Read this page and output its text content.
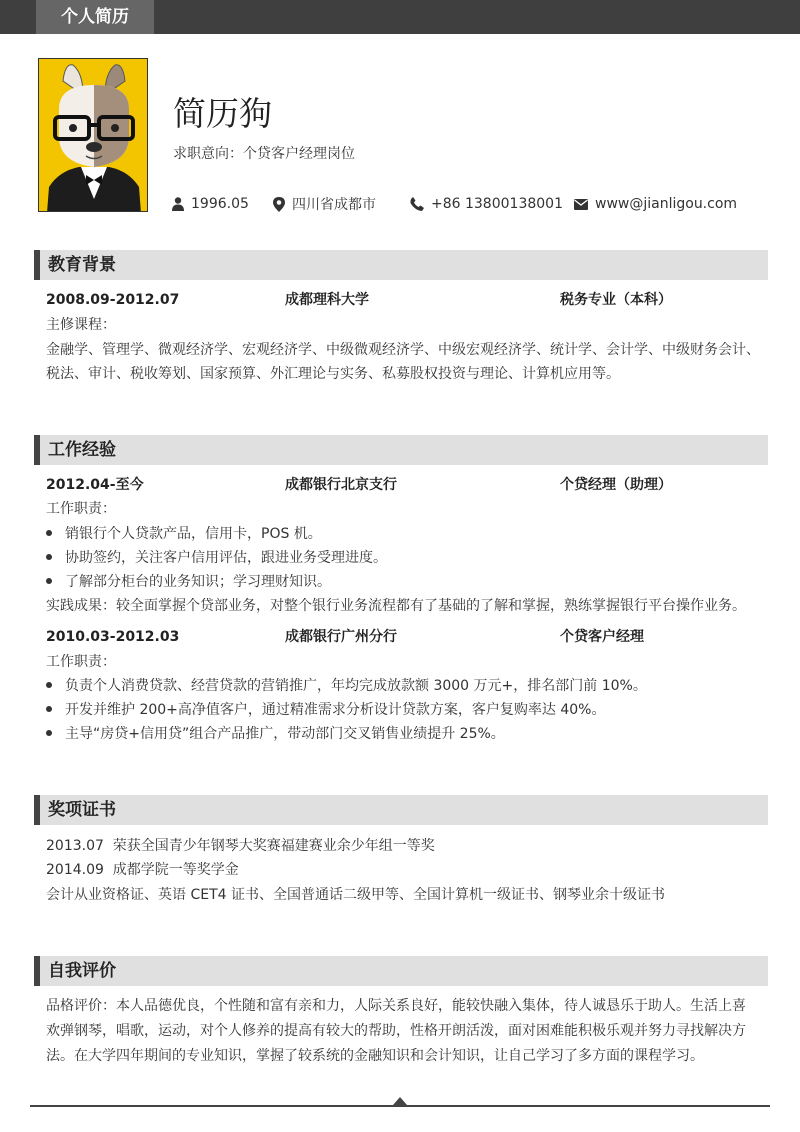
个人简历
简历狗
求职意向：个贷客户经理岗位
1996.05	四川省成都市	+86 13800138001 www@jianligou.com
教育背景
2008.09-2012.07	成都理科大学	税务专业（本科）
主修课程：
金融学、管理学、微观经济学、宏观经济学、中级微观经济学、中级宏观经济学、统计学、会计学、中级财务会计、
税法、审计、税收筹划、国家预算、外汇理论与实务、私募股权投资与理论、计算机应用等。
工作经验
2012.04-至今	成都银行北京支行	个贷经理（助理）
工作职责：
销银行个人贷款产品，信用卡，POS 机。
协助签约，关注客户信用评估，跟进业务受理进度。
了解部分柜台的业务知识；学习理财知识。
实践成果：较全面掌握个贷部业务，对整个银行业务流程都有了基础的了解和掌握，熟练掌握银行平台操作业务。
2010.03-2012.03	成都银行广州分行	个贷客户经理
工作职责：
负责个人消费贷款、经营贷款的营销推广，年均完成放款额 3000 万元+，排名部门前 10%。
开发并维护 200+高净值客户，通过精准需求分析设计贷款方案，客户复购率达 40%。
主导“房贷+信用贷”组合产品推广，带动部门交叉销售业绩提升 25%。
奖项证书
2013.07  荣获全国青少年钢琴大奖赛福建赛业余少年组一等奖
2014.09  成都学院一等奖学金
会计从业资格证、英语 CET4 证书、全国普通话二级甲等、全国计算机一级证书、钢琴业余十级证书
自我评价
品格评价：本人品德优良，个性随和富有亲和力，人际关系良好，能较快融入集体，待人诚恳乐于助人。生活上喜
欢弹钢琴，唱歌，运动，对个人修养的提高有较大的帮助，性格开朗活泼，面对困难能积极乐观并努力寻找解决方
法。在大学四年期间的专业知识，掌握了较系统的金融知识和会计知识，让自己学习了多方面的课程学习。
